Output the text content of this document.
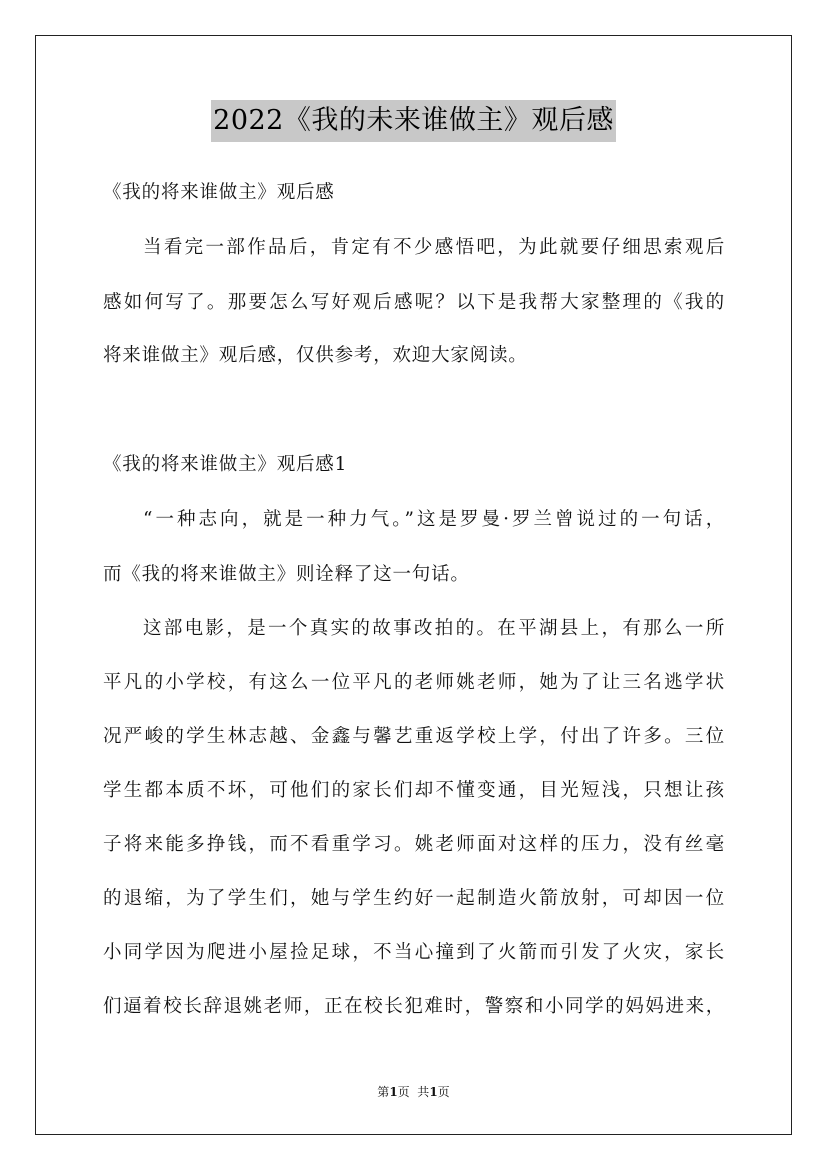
2022《我的未来谁做主》观后感
《我的将来谁做主》观后感
当看完一部作品后，肯定有不少感悟吧，为此就要仔细思索观后
感如何写了。那要怎么写好观后感呢？以下是我帮大家整理的《我的
将来谁做主》观后感，仅供参考，欢迎大家阅读。
《我的将来谁做主》观后感1
“一种志向，就是一种力气。”这是罗曼·罗兰曾说过的一句话，
而《我的将来谁做主》则诠释了这一句话。
这部电影，是一个真实的故事改拍的。在平湖县上，有那么一所
平凡的小学校，有这么一位平凡的老师姚老师，她为了让三名逃学状
况严峻的学生林志越、金鑫与馨艺重返学校上学，付出了许多。三位
学生都本质不坏，可他们的家长们却不懂变通，目光短浅，只想让孩
子将来能多挣钱，而不看重学习。姚老师面对这样的压力，没有丝毫
的退缩，为了学生们，她与学生约好一起制造火箭放射，可却因一位
小同学因为爬进小屋捡足球，不当心撞到了火箭而引发了火灾，家长
们逼着校长辞退姚老师，正在校长犯难时，警察和小同学的妈妈进来，
第1页  共1页
